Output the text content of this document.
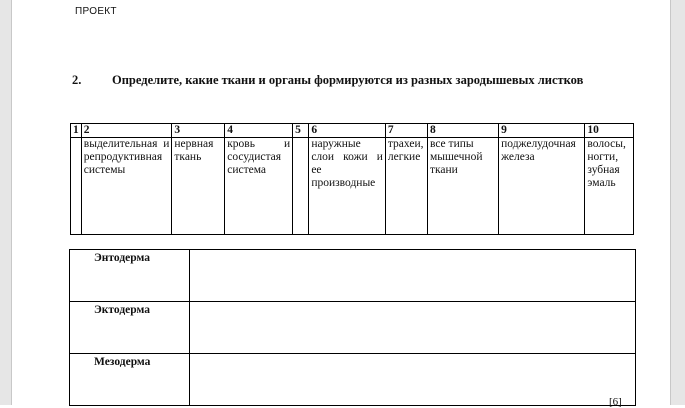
ПРОЕКТ
2. Определите, какие ткани и органы формируются из разных зародышевых листков
1	2	3	4	5	6	7	8	9	10
	выделительная и репродуктивная системы	нервная ткань	кровь и сосудистая система		наружные слои кожи и ее производные	трахеи, легкие	все типы мышечной ткани	поджелудочная железа	волосы, ногти, зубная эмаль
Энтодерма	
Эктодерма	
Мезодерма	
[6]
